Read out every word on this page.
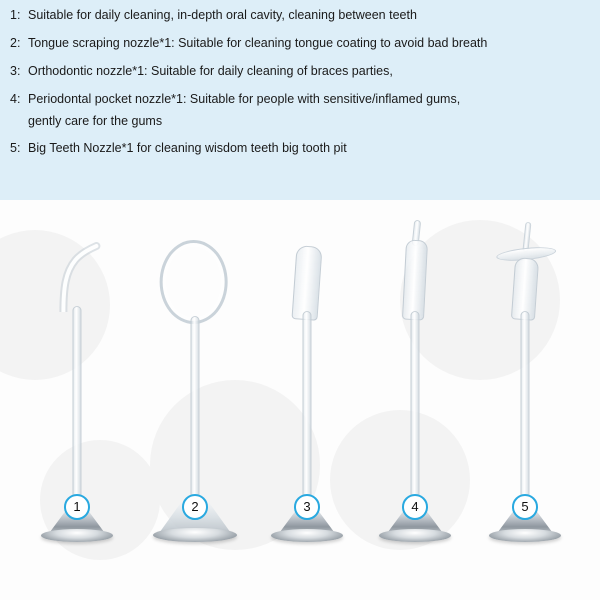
1: Suitable for daily cleaning, in-depth oral cavity, cleaning between teeth
2: Tongue scraping nozzle*1: Suitable for cleaning tongue coating to avoid bad breath
3: Orthodontic nozzle*1: Suitable for daily cleaning of braces parties,
4: Periodontal pocket nozzle*1: Suitable for people with sensitive/inflamed gums,
gently care for the gums
5: Big Teeth Nozzle*1 for cleaning wisdom teeth big tooth pit
1	2	3	4	5
